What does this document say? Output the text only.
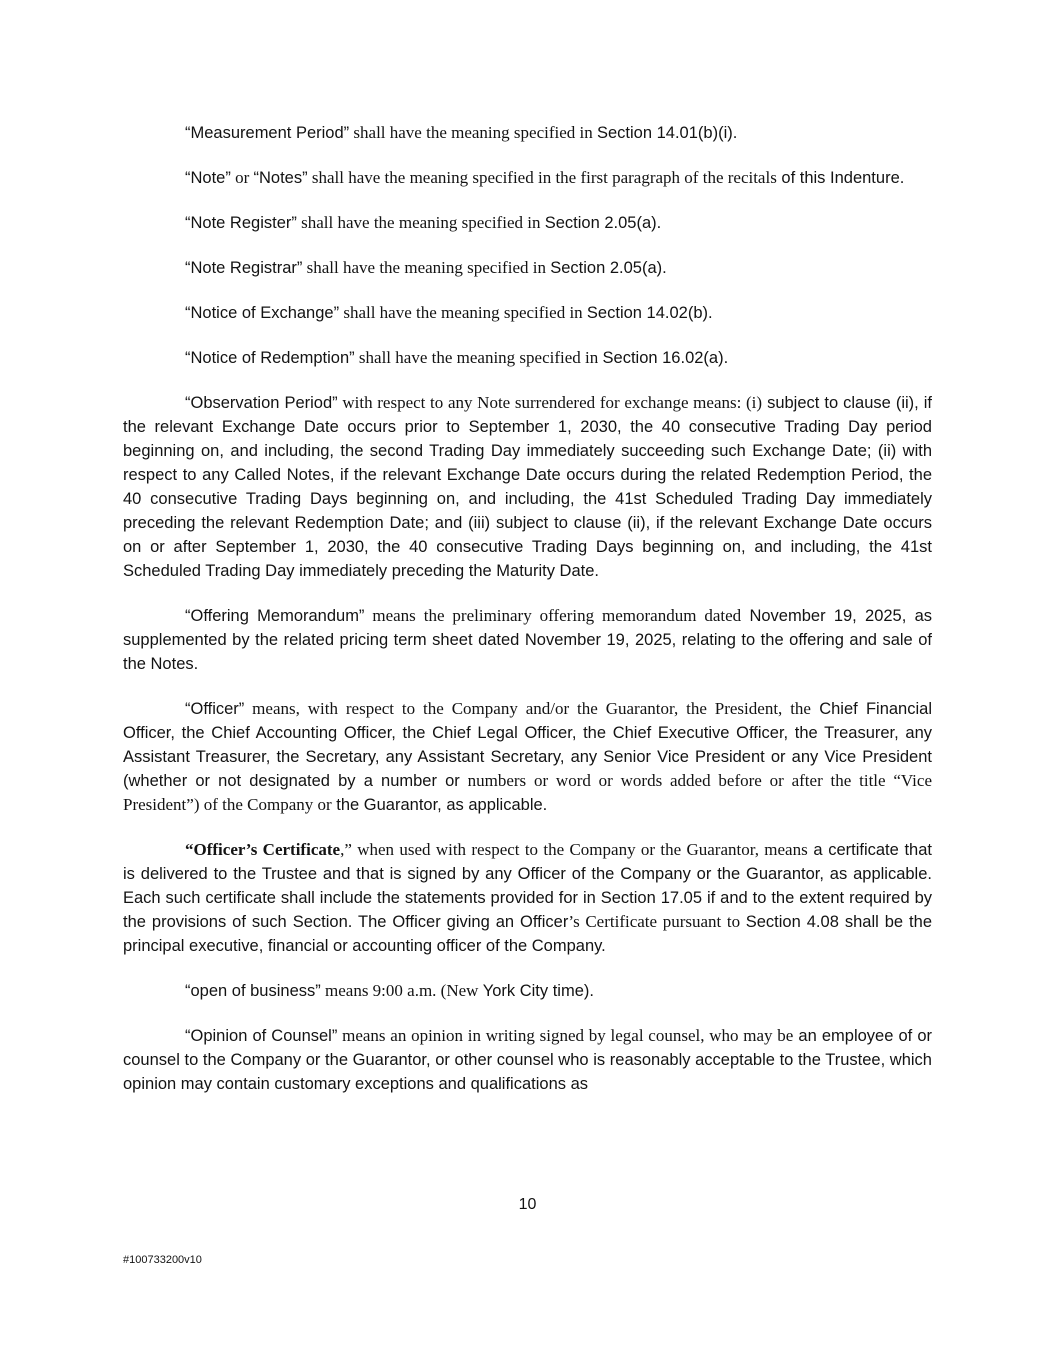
“Measurement Period” shall have the meaning specified in Section 14.01(b)(i).

“Note” or “Notes” shall have the meaning specified in the first paragraph of the recitals of this Indenture.

“Note Register” shall have the meaning specified in Section 2.05(a).

“Note Registrar” shall have the meaning specified in Section 2.05(a).

“Notice of Exchange” shall have the meaning specified in Section 14.02(b).

“Notice of Redemption” shall have the meaning specified in Section 16.02(a).

“Observation Period” with respect to any Note surrendered for exchange means: (i) subject to clause (ii), if the relevant Exchange Date occurs prior to September 1, 2030, the 40 consecutive Trading Day period beginning on, and including, the second Trading Day immediately succeeding such Exchange Date; (ii) with respect to any Called Notes, if the relevant Exchange Date occurs during the related Redemption Period, the 40 consecutive Trading Days beginning on, and including, the 41st Scheduled Trading Day immediately preceding the relevant Redemption Date; and (iii) subject to clause (ii), if the relevant Exchange Date occurs on or after September 1, 2030, the 40 consecutive Trading Days beginning on, and including, the 41st Scheduled Trading Day immediately preceding the Maturity Date.

“Offering Memorandum” means the preliminary offering memorandum dated November 19, 2025, as supplemented by the related pricing term sheet dated November 19, 2025, relating to the offering and sale of the Notes.

“Officer” means, with respect to the Company and/or the Guarantor, the President, the Chief Financial Officer, the Chief Accounting Officer, the Chief Legal Officer, the Chief Executive Officer, the Treasurer, any Assistant Treasurer, the Secretary, any Assistant Secretary, any Senior Vice President or any Vice President (whether or not designated by a number or numbers or word or words added before or after the title “Vice President”) of the Company or the Guarantor, as applicable.

“Officer’s Certificate,” when used with respect to the Company or the Guarantor, means a certificate that is delivered to the Trustee and that is signed by any Officer of the Company or the Guarantor, as applicable. Each such certificate shall include the statements provided for in Section 17.05 if and to the extent required by the provisions of such Section. The Officer giving an Officer’s Certificate pursuant to Section 4.08 shall be the principal executive, financial or accounting officer of the Company.

“open of business” means 9:00 a.m. (New York City time).

“Opinion of Counsel” means an opinion in writing signed by legal counsel, who may be an employee of or counsel to the Company or the Guarantor, or other counsel who is reasonably acceptable to the Trustee, which opinion may contain customary exceptions and qualifications as

10
#100733200v10
